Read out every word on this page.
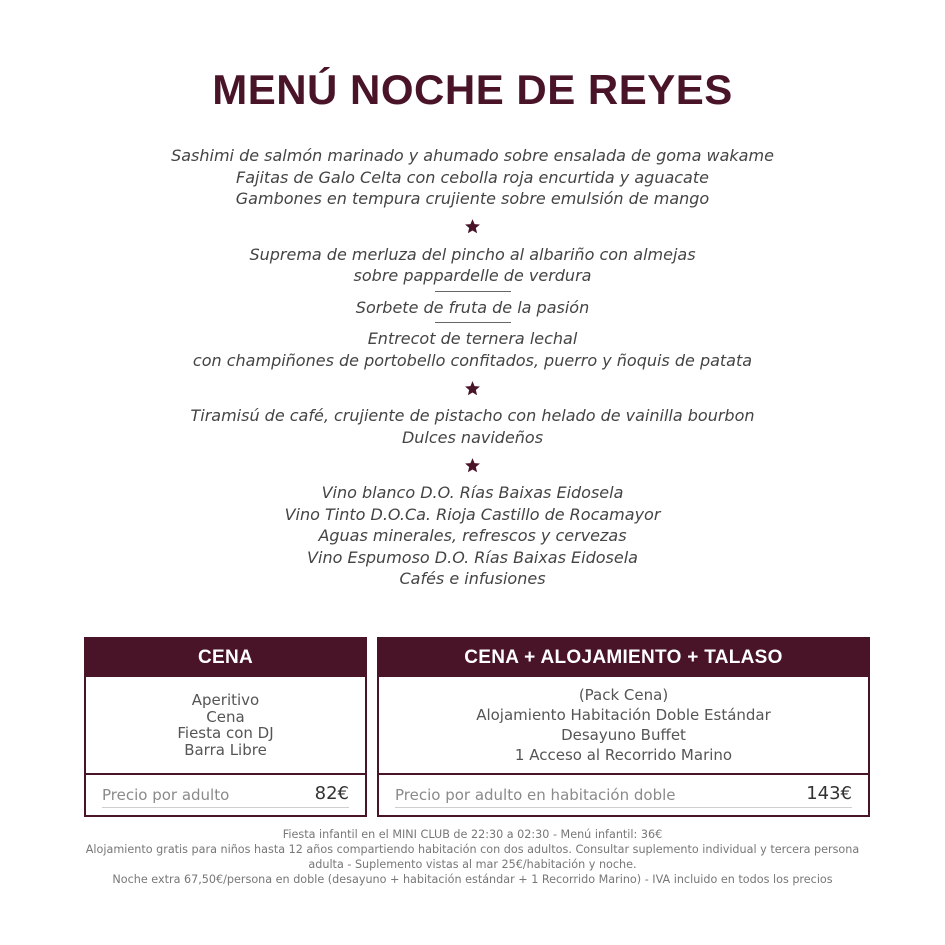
MENÚ NOCHE DE REYES
Sashimi de salmón marinado y ahumado sobre ensalada de goma wakame
Fajitas de Galo Celta con cebolla roja encurtida y aguacate
Gambones en tempura crujiente sobre emulsión de mango
Suprema de merluza del pincho al albariño con almejas
sobre pappardelle de verdura
Sorbete de fruta de la pasión
Entrecot de ternera lechal
con champiñones de portobello confitados, puerro y ñoquis de patata
Tiramisú de café, crujiente de pistacho con helado de vainilla bourbon
Dulces navideños
Vino blanco D.O. Rías Baixas Eidosela
Vino Tinto D.O.Ca. Rioja Castillo de Rocamayor
Aguas minerales, refrescos y cervezas
Vino Espumoso D.O. Rías Baixas Eidosela
Cafés e infusiones
CENA
Aperitivo
Cena
Fiesta con DJ
Barra Libre
Precio por adulto	82€
CENA + ALOJAMIENTO + TALASO
(Pack Cena)
Alojamiento Habitación Doble Estándar
Desayuno Buffet
1 Acceso al Recorrido Marino
Precio por adulto en habitación doble	143€
Fiesta infantil en el MINI CLUB de 22:30 a 02:30 - Menú infantil: 36€
Alojamiento gratis para niños hasta 12 años compartiendo habitación con dos adultos. Consultar suplemento individual y tercera persona adulta - Suplemento vistas al mar 25€/habitación y noche.
Noche extra 67,50€/persona en doble (desayuno + habitación estándar + 1 Recorrido Marino) - IVA incluido en todos los precios
